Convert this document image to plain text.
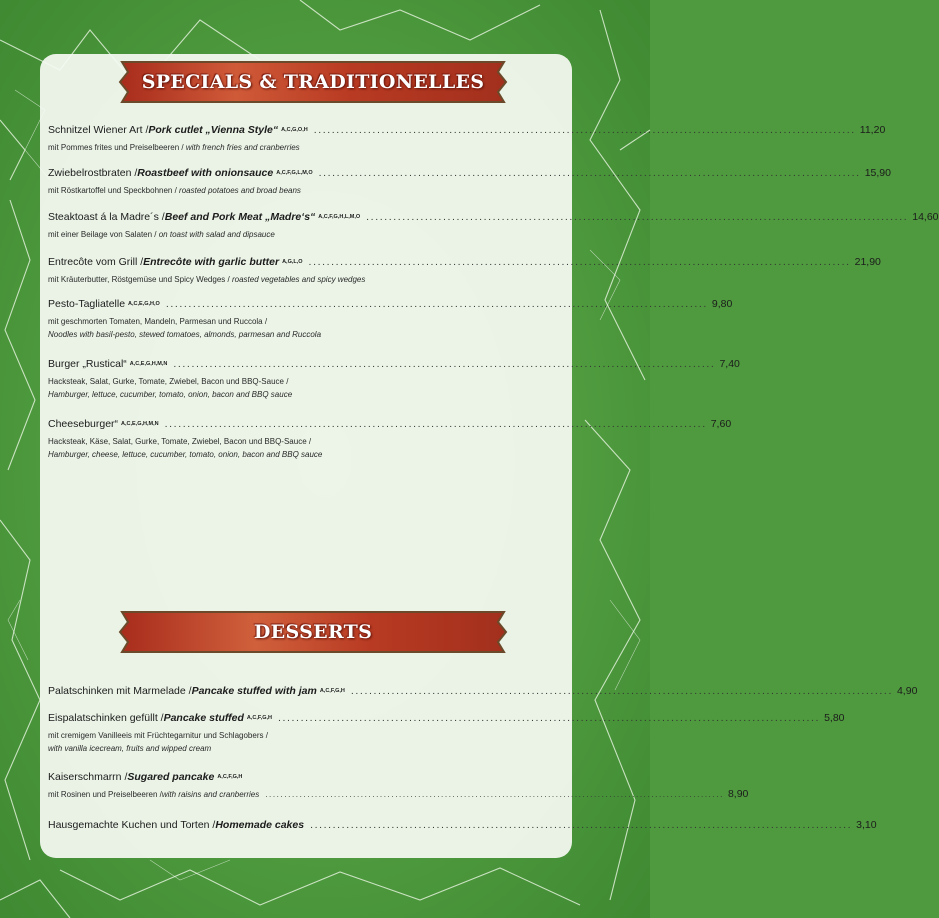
SPECIALS & TRADITIONELLES
Schnitzel Wiener Art / Pork cutlet „Vienna Style“ $^{A,C,G,O,H}$ ........................................................................................................................ 11,20
mit Pommes frites und Preiselbeeren / with french fries and cranberries
Zwiebelrostbraten / Roastbeef with onionsauce $^{A,C,F,G,L,M,O}$ ........................................................................................................................ 15,90
mit Röstkartoffel und Speckbohnen / roasted potatoes and broad beans
Steaktoast á la Madre´s / Beef and Pork Meat „Madre‘s“ $^{A,C,F,G,H,L,M,O}$ ........................................................................................................................ 14,60
mit einer Beilage von Salaten / on toast with salad and dipsauce
Entrecôte vom Grill / Entrecôte with garlic butter $^{A,G,L,O}$ ........................................................................................................................ 21,90
mit Kräuterbutter, Röstgemüse und Spicy Wedges / roasted vegetables and spicy wedges
Pesto-Tagliatelle $^{A,C,E,G,H,O}$ ........................................................................................................................ 9,80
mit geschmorten Tomaten, Mandeln, Parmesan und Ruccola /
Noodles with basil-pesto, stewed tomatoes, almonds, parmesan and Ruccola
Burger „Rustical“ $^{A,C,E,G,H,M,N}$ ........................................................................................................................ 7,40
Hacksteak, Salat, Gurke, Tomate, Zwiebel, Bacon und BBQ-Sauce /
Hamburger, lettuce, cucumber, tomato, onion, bacon and BBQ sauce
Cheeseburger“ $^{A,C,E,G,H,M,N}$ ........................................................................................................................ 7,60
Hacksteak, Käse, Salat, Gurke, Tomate, Zwiebel, Bacon und BBQ-Sauce /
Hamburger, cheese, lettuce, cucumber, tomato, onion, bacon and BBQ sauce
DESSERTS
Palatschinken mit Marmelade / Pancake stuffed with jam $^{A,C,F,G,H}$ ........................................................................................................................ 4,90
Eispalatschinken gefüllt / Pancake stuffed $^{A,C,F,G,H}$ ........................................................................................................................ 5,80
mit cremigem Vanilleeis mit Früchtegarnitur und Schlagobers /
with vanilla icecream, fruits and wipped cream
Kaiserschmarrn / Sugared pancake $^{A,C,F,G,H}$
mit Rosinen und Preiselbeeren / with raisins and cranberries ........................................................................................................................ 8,90
Hausgemachte Kuchen und Torten / Homemade cakes ........................................................................................................................ 3,10
